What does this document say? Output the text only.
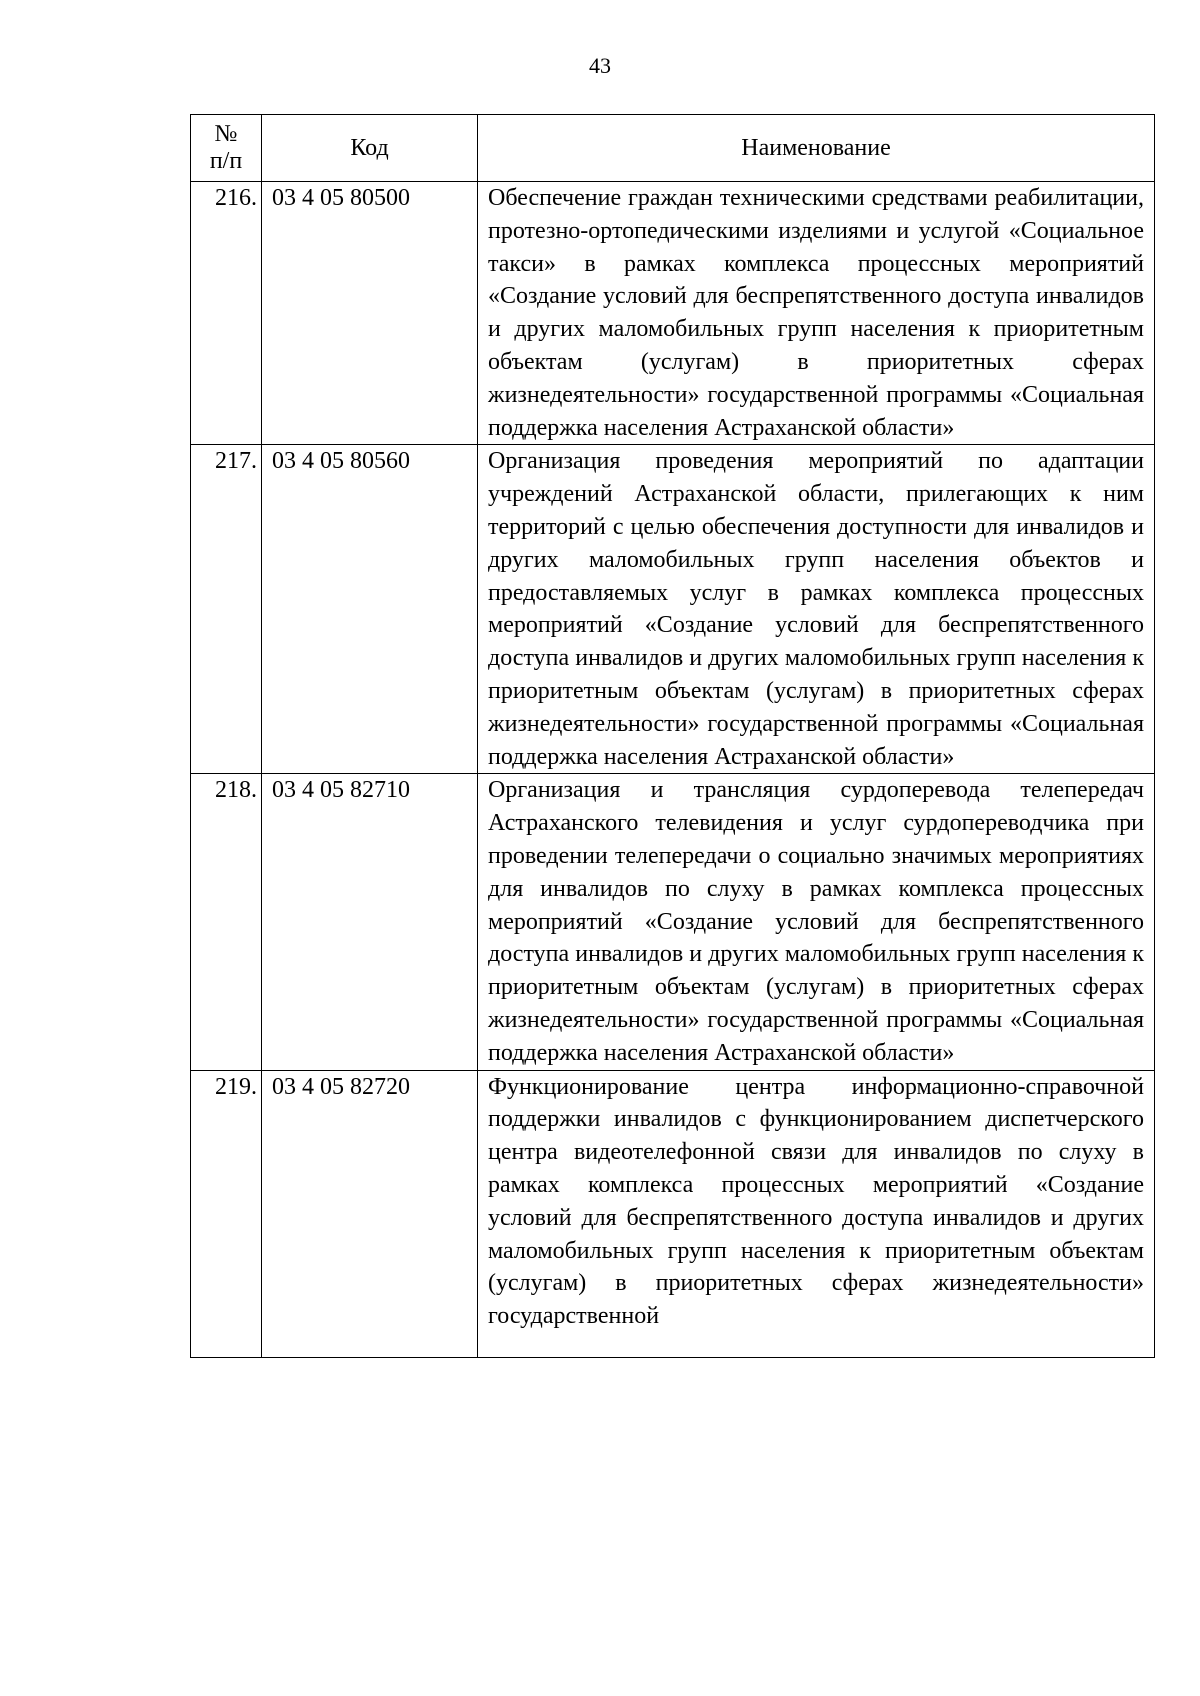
43
№
п/п	Код	Наименование
216.	03 4 05 80500	Обеспечение граждан техническими средствами реабилитации, протезно-ортопедическими изделиями и услугой «Социальное такси» в рамках комплекса процессных мероприятий «Создание условий для беспрепятственного доступа инвалидов и других маломобильных групп населения к приоритетным объектам (услугам) в приоритетных сферах жизнедеятельности» государственной программы «Социальная поддержка населения Астраханской области»
217.	03 4 05 80560	Организация проведения мероприятий по адаптации учреждений Астраханской области, прилегающих к ним территорий с целью обеспечения доступности для инвалидов и других маломобильных групп населения объектов и предоставляемых услуг в рамках комплекса процессных мероприятий «Создание условий для беспрепятственного доступа инвалидов и других маломобильных групп населения к приоритетным объектам (услугам) в приоритетных сферах жизнедеятельности» государственной программы «Социальная поддержка населения Астраханской области»
218.	03 4 05 82710	Организация и трансляция сурдоперевода телепередач Астраханского телевидения и услуг сурдопереводчика при проведении телепередачи о социально значимых мероприятиях для инвалидов по слуху в рамках комплекса процессных мероприятий «Создание условий для беспрепятственного доступа инвалидов и других маломобильных групп населения к приоритетным объектам (услугам) в приоритетных сферах жизнедеятельности» государственной программы «Социальная поддержка населения Астраханской области»
219.	03 4 05 82720	Функционирование центра информационно-справочной поддержки инвалидов с функционированием диспетчерского центра видеотелефонной связи для инвалидов по слуху в рамках комплекса процессных мероприятий «Создание условий для беспрепятственного доступа инвалидов и других маломобильных групп населения к приоритетным объектам (услугам) в приоритетных сферах жизнедеятельности» государственной
